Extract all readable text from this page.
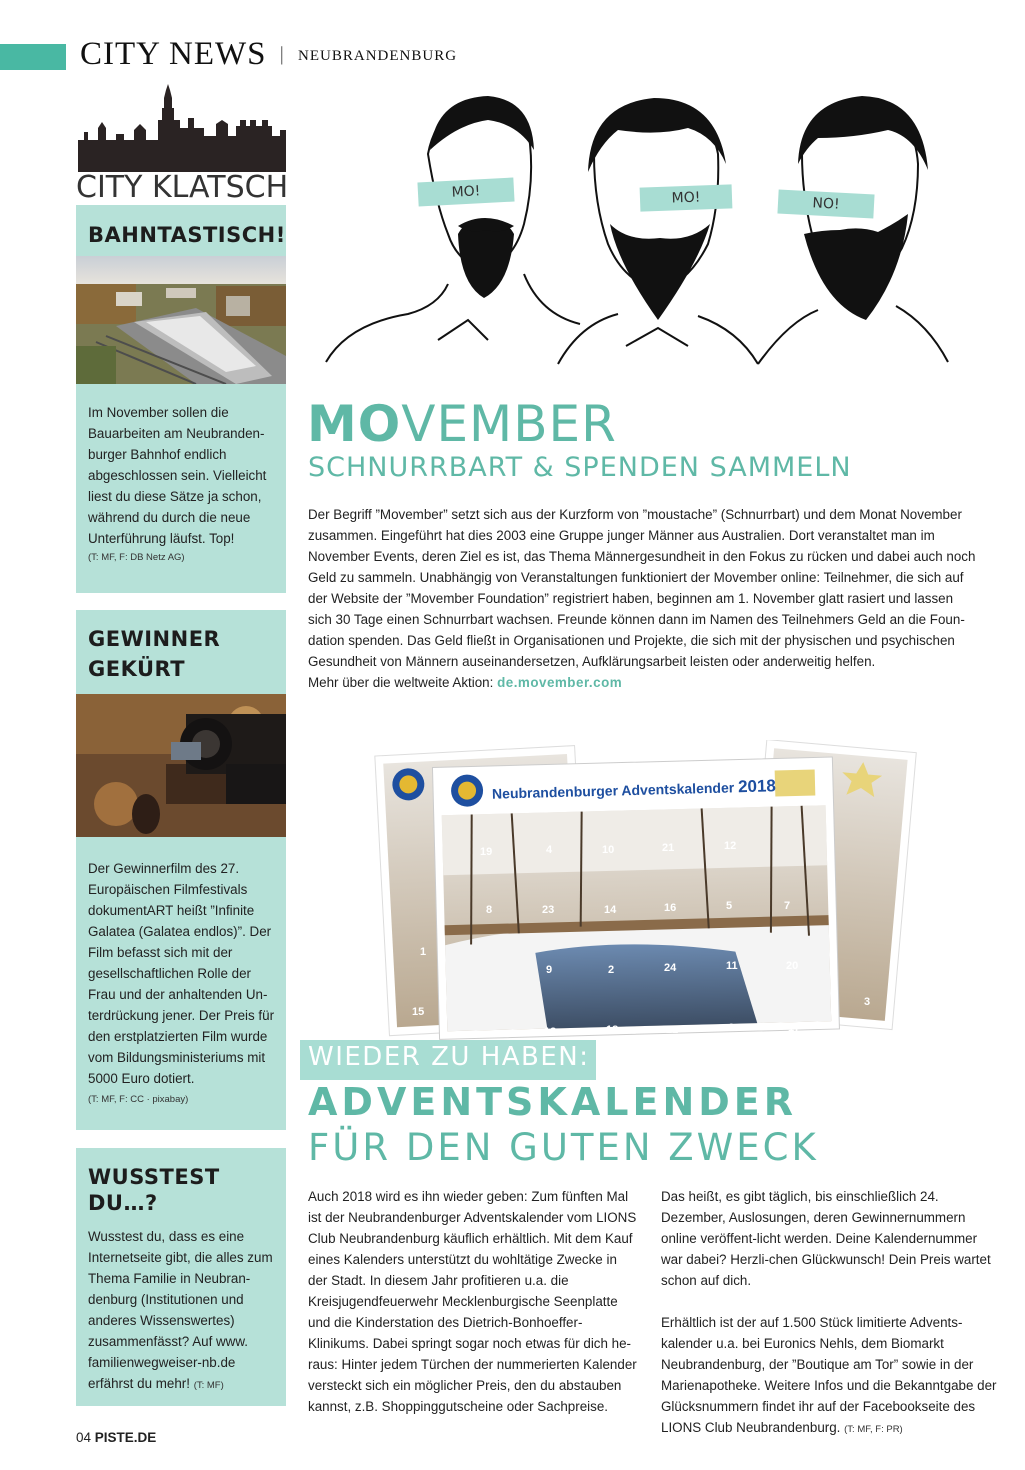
CITY NEWS | $^{NEUBRANDENBURG}$
CITY KLATSCH
BAHNTASTISCH!
Im November sollen die Bauarbeiten am Neubranden-burger Bahnhof endlich abgeschlossen sein. Vielleicht liest du diese Sätze ja schon, während du durch die neue Unterführung läufst. Top!
(T: MF, F: DB Netz AG)
GEWINNER
GEKÜRT
Der Gewinnerfilm des 27. Europäischen Filmfestivals dokumentART heißt ”Infinite Galatea (Galatea endlos)”. Der Film befasst sich mit der gesellschaftlichen Rolle der Frau und der anhaltenden Un-terdrückung jener. Der Preis für den erstplatzierten Film wurde vom Bildungsministeriums mit 5000 Euro dotiert.
(T: MF, F: CC · pixabay)
WUSSTEST
DU…?
Wusstest du, dass es eine Internetseite gibt, die alles zum Thema Familie in Neubran-denburg (Institutionen und anderes Wissenswertes) zusammenfässt? Auf www. familienwegweiser-nb.de erfährst du mehr! (T: MF)
MO!	MO!	NO!
MOVEMBER
SCHNURRBART & SPENDEN SAMMELN
Der Begriff ”Movember” setzt sich aus der Kurzform von ”moustache” (Schnurrbart) und dem Monat November zusammen. Eingeführt hat dies 2003 eine Gruppe junger Männer aus Australien. Dort veranstaltet man im November Events, deren Ziel es ist, das Thema Männergesundheit in den Fokus zu rücken und dabei auch noch Geld zu sammeln. Unabhängig von Veranstaltungen funktioniert der Movember online: Teilnehmer, die sich auf der Website der ”Movember Foundation” registriert haben, beginnen am 1. November glatt rasiert und lassen sich 30 Tage einen Schnurrbart wachsen. Freunde können dann im Namen des Teilnehmers Geld an die Foun-dation spenden. Das Geld fließt in Organisationen und Projekte, die sich mit der physischen und psychischen Gesundheit von Männern auseinandersetzen, Aufklärungsarbeit leisten oder anderweitig helfen.
Mehr über die weltweite Aktion: de.movember.com
Neubrandenburger Adventskalender 2018
19	4	10	21	12
8	23	14	16	5	7
1
9	2	24	11	20
15
13	18	22	6	17
3
WIEDER ZU HABEN:
ADVENTSKALENDER
FÜR DEN GUTEN ZWECK
Auch 2018 wird es ihn wieder geben: Zum fünften Mal ist der Neubrandenburger Adventskalender vom LIONS Club Neubrandenburg käuflich erhältlich. Mit dem Kauf eines Kalenders unterstützt du wohltätige Zwecke in der Stadt. In diesem Jahr profitieren u.a. die Kreisjugendfeuerwehr Mecklenburgische Seenplatte und die Kinderstation des Dietrich-Bonhoeffer-Klinikums. Dabei springt sogar noch etwas für dich he-raus: Hinter jedem Türchen der nummerierten Kalender versteckt sich ein möglicher Preis, den du abstauben kannst, z.B. Shoppinggutscheine oder Sachpreise.
Das heißt, es gibt täglich, bis einschließlich 24. Dezember, Auslosungen, deren Gewinnernummern online veröffent-licht werden. Deine Kalendernummer war dabei? Herzli-chen Glückwunsch! Dein Preis wartet schon auf dich.
Erhältlich ist der auf 1.500 Stück limitierte Advents-kalender u.a. bei Euronics Nehls, dem Biomarkt Neubrandenburg, der ”Boutique am Tor” sowie in der Marienapotheke. Weitere Infos und die Bekanntgabe der Glücksnummern findet ihr auf der Facebookseite des LIONS Club Neubrandenburg. (T: MF, F: PR)
04 PISTE.DE
